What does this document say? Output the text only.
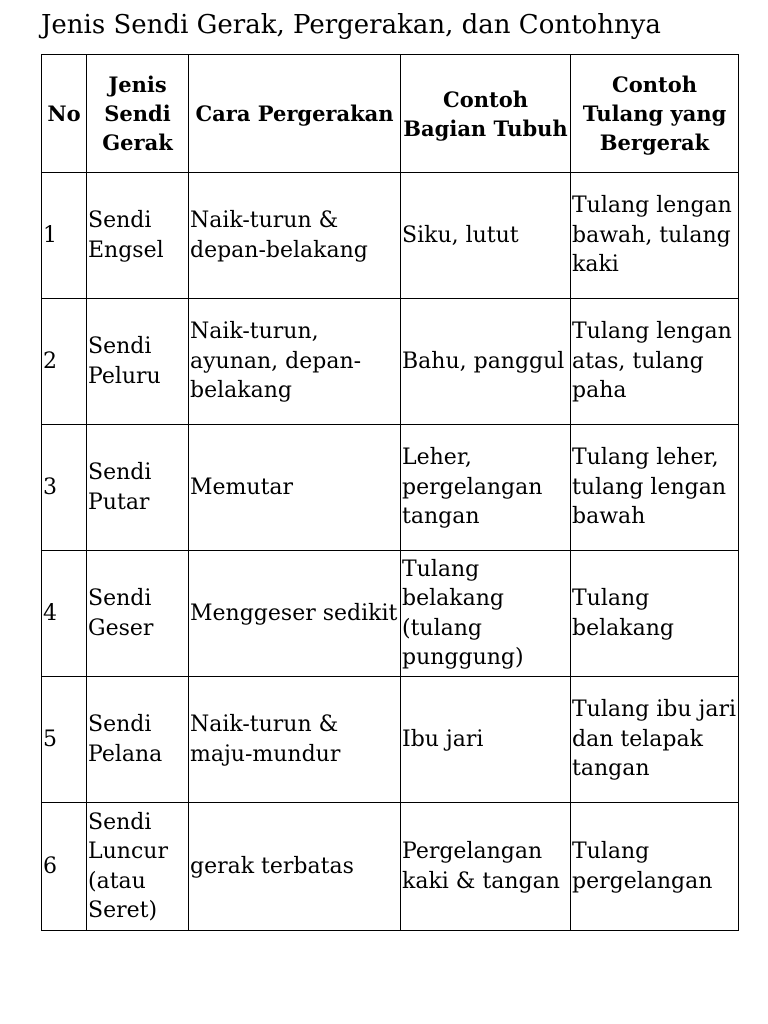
Jenis Sendi Gerak, Pergerakan, dan Contohnya
No	Jenis Sendi Gerak	Cara Pergerakan	Contoh Bagian Tubuh	Contoh Tulang yang Bergerak
1	Sendi Engsel	Naik-turun & depan-belakang	Siku, lutut	Tulang lengan bawah, tulang kaki
2	Sendi Peluru	Naik-turun, ayunan, depan-belakang	Bahu, panggul	Tulang lengan atas, tulang paha
3	Sendi Putar	Memutar	Leher, pergelangan tangan	Tulang leher, tulang lengan bawah
4	Sendi Geser	Menggeser sedikit	Tulang belakang (tulang punggung)	Tulang belakang
5	Sendi Pelana	Naik-turun & maju-mundur	Ibu jari	Tulang ibu jari dan telapak tangan
6	Sendi Luncur (atau Seret)	gerak terbatas	Pergelangan kaki & tangan	Tulang pergelangan
